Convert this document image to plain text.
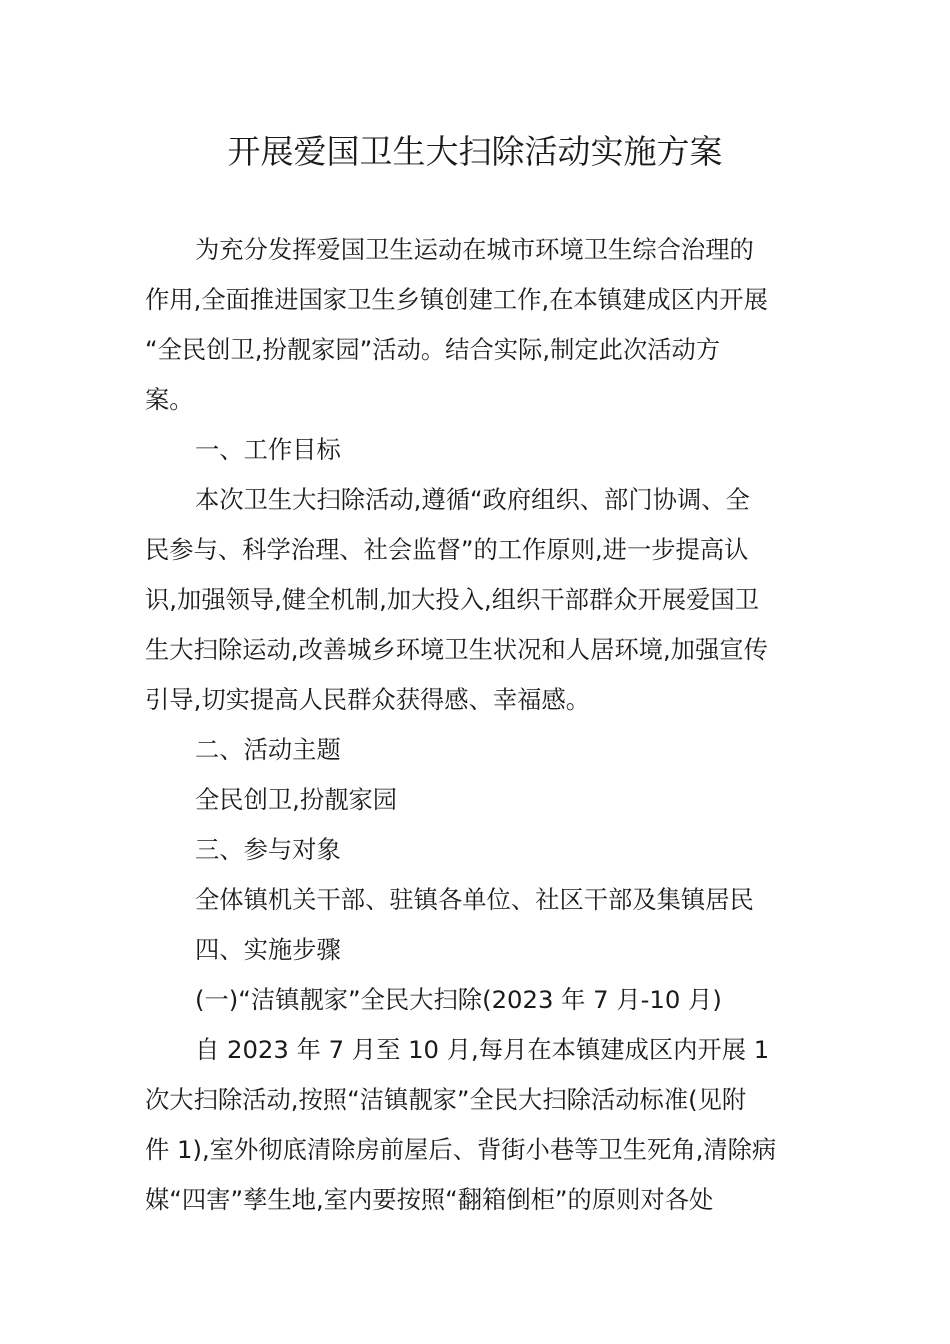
开展爱国卫生大扫除活动实施方案

为充分发挥爱国卫生运动在城市环境卫生综合治理的
作用,全面推进国家卫生乡镇创建工作,在本镇建成区内开展
“全民创卫,扮靓家园”活动。结合实际,制定此次活动方
案。

一、工作目标

本次卫生大扫除活动,遵循“政府组织、部门协调、全
民参与、科学治理、社会监督”的工作原则,进一步提高认
识,加强领导,健全机制,加大投入,组织干部群众开展爱国卫
生大扫除运动,改善城乡环境卫生状况和人居环境,加强宣传
引导,切实提高人民群众获得感、幸福感。

二、活动主题
全民创卫,扮靓家园
三、参与对象
全体镇机关干部、驻镇各单位、社区干部及集镇居民
四、实施步骤
(一)“洁镇靓家”全民大扫除(2023 年 7 月-10 月)

自 2023 年 7 月至 10 月,每月在本镇建成区内开展 1
次大扫除活动,按照“洁镇靓家”全民大扫除活动标准(见附
件 1),室外彻底清除房前屋后、背街小巷等卫生死角,清除病
媒“四害”孳生地,室内要按照“翻箱倒柜”的原则对各处
